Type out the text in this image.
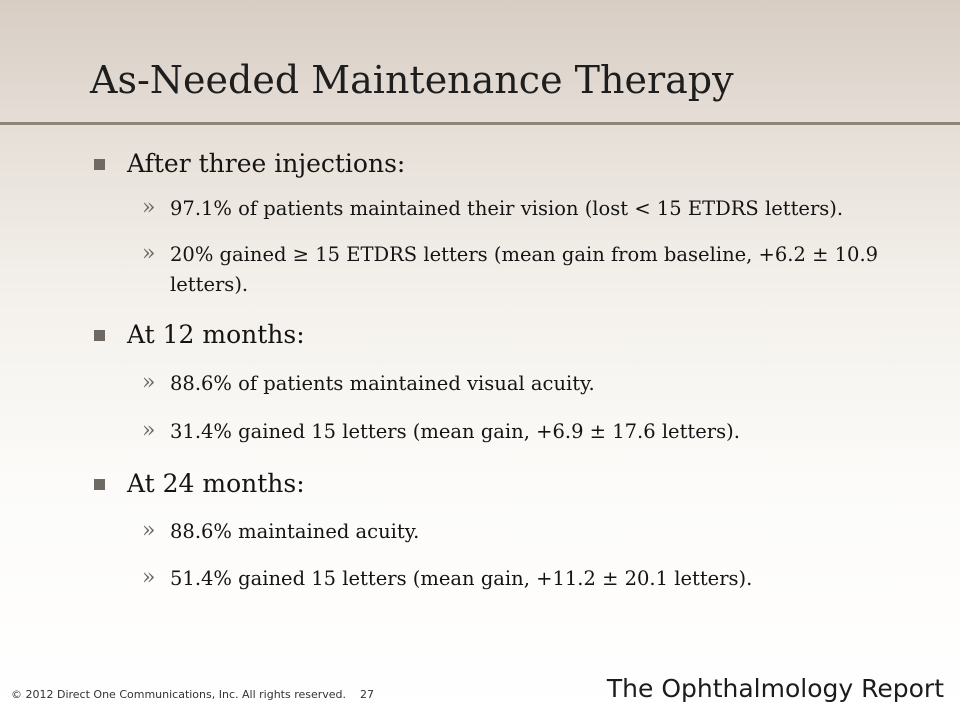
As-Needed Maintenance Therapy
After three injections:
» 97.1% of patients maintained their vision (lost < 15 ETDRS letters).
» 20% gained ≥ 15 ETDRS letters (mean gain from baseline, +6.2 ± 10.9 letters).
At 12 months:
» 88.6% of patients maintained visual acuity.
» 31.4% gained 15 letters (mean gain, +6.9 ± 17.6 letters).
At 24 months:
» 88.6% maintained acuity.
» 51.4% gained 15 letters (mean gain, +11.2 ± 20.1 letters).
© 2012 Direct One Communications, Inc. All rights reserved. 27	The Ophthalmology Report
